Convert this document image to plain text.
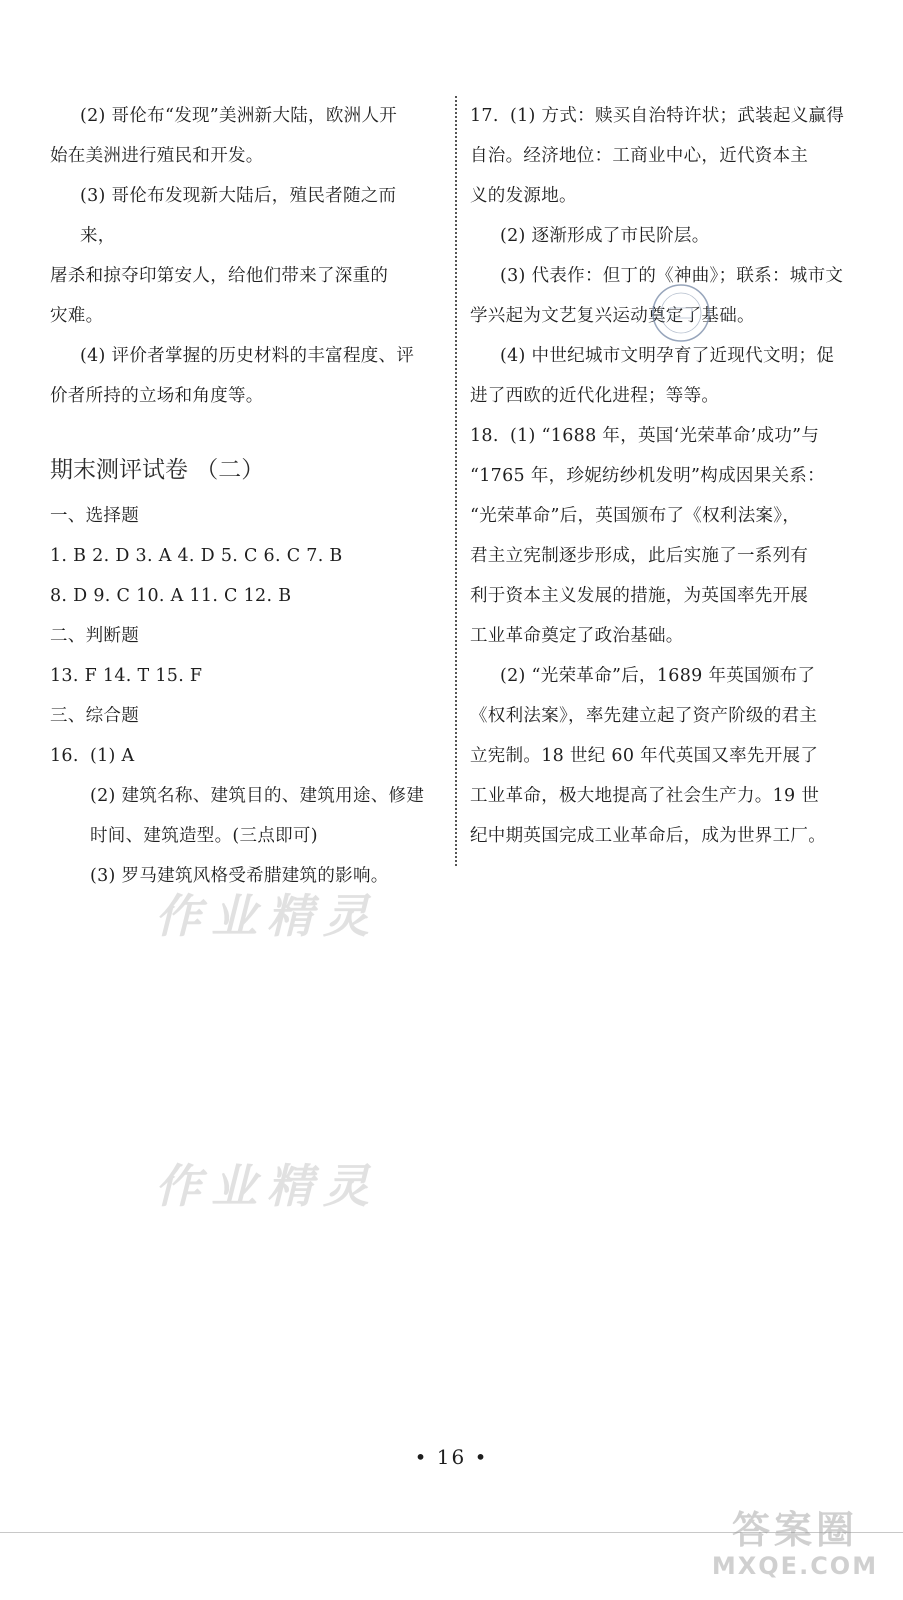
(2) 哥伦布“发现”美洲新大陆，欧洲人开

始在美洲进行殖民和开发。

(3) 哥伦布发现新大陆后，殖民者随之而来，

屠杀和掠夺印第安人，给他们带来了深重的

灾难。

(4) 评价者掌握的历史材料的丰富程度、评

价者所持的立场和角度等。

期末测评试卷 （二）

一、选择题

1. B 2. D 3. A 4. D 5. C 6. C 7. B

8. D 9. C 10. A 11. C 12. B

二、判断题

13. F 14. T 15. F

三、综合题

16. (1) A

(2) 建筑名称、建筑目的、建筑用途、修建

时间、建筑造型。(三点即可)

(3) 罗马建筑风格受希腊建筑的影响。

17. (1) 方式：赎买自治特许状；武装起义赢得

自治。经济地位：工商业中心，近代资本主

义的发源地。

(2) 逐渐形成了市民阶层。

(3) 代表作：但丁的《神曲》；联系：城市文

学兴起为文艺复兴运动奠定了基础。

(4) 中世纪城市文明孕育了近现代文明；促

进了西欧的近代化进程；等等。

18. (1) “1688 年，英国‘光荣革命’成功”与

“1765 年，珍妮纺纱机发明”构成因果关系：

“光荣革命”后，英国颁布了《权利法案》，

君主立宪制逐步形成，此后实施了一系列有

利于资本主义发展的措施，为英国率先开展

工业革命奠定了政治基础。

(2) “光荣革命”后，1689 年英国颁布了

《权利法案》，率先建立起了资产阶级的君主

立宪制。18 世纪 60 年代英国又率先开展了

工业革命，极大地提高了社会生产力。19 世

纪中期英国完成工业革命后，成为世界工厂。

作业精灵
作业精灵
• 16 •
答案圈
MXQE.COM
